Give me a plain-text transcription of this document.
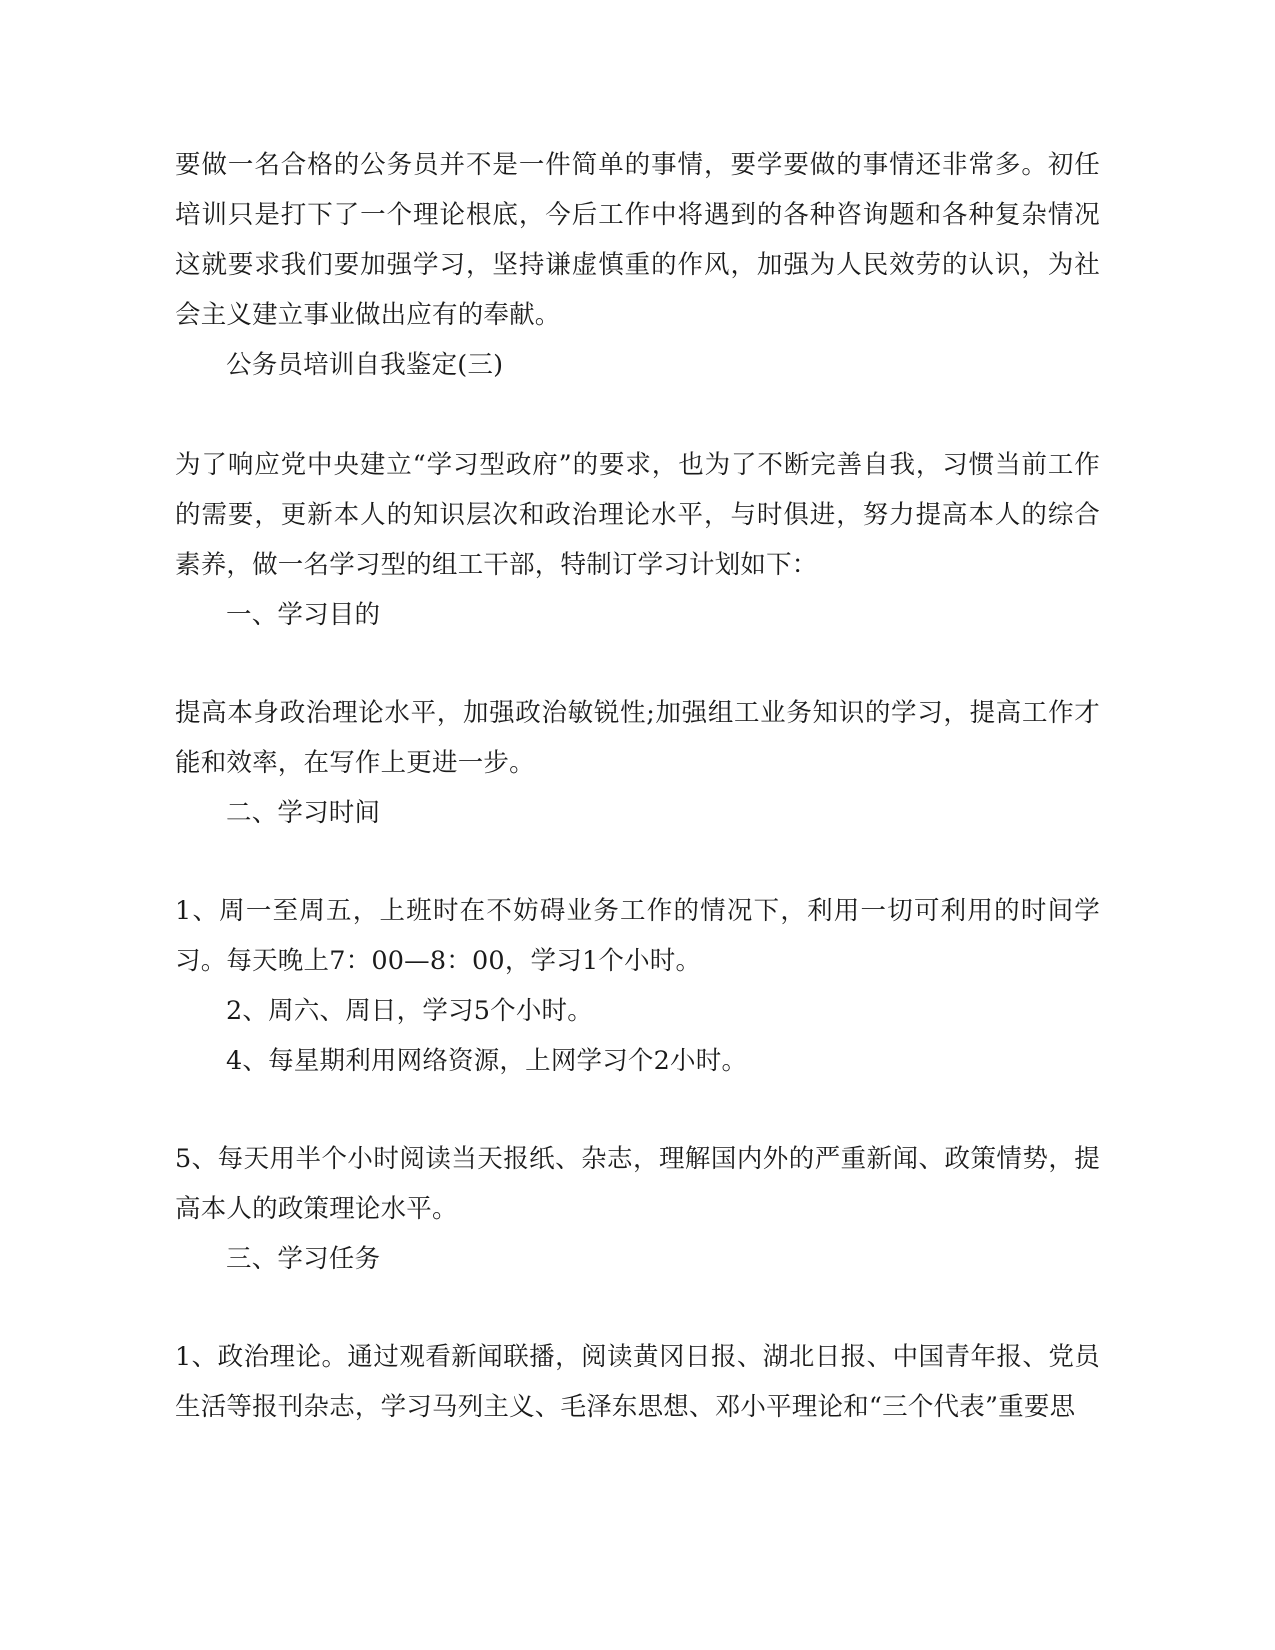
要做一名合格的公务员并不是一件简单的事情，要学要做的事情还非常多。初任培训只是打下了一个理论根底，今后工作中将遇到的各种咨询题和各种复杂情况这就要求我们要加强学习，坚持谦虚慎重的作风，加强为人民效劳的认识，为社会主义建立事业做出应有的奉献。

公务员培训自我鉴定(三)

为了响应党中央建立“学习型政府”的要求，也为了不断完善自我，习惯当前工作的需要，更新本人的知识层次和政治理论水平，与时俱进，努力提高本人的综合素养，做一名学习型的组工干部，特制订学习计划如下：

一、学习目的

提高本身政治理论水平，加强政治敏锐性;加强组工业务知识的学习，提高工作才能和效率，在写作上更进一步。

二、学习时间

1、周一至周五，上班时在不妨碍业务工作的情况下，利用一切可利用的时间学习。每天晚上7：00—8：00，学习1个小时。

2、周六、周日，学习5个小时。

4、每星期利用网络资源，上网学习个2小时。

5、每天用半个小时阅读当天报纸、杂志，理解国内外的严重新闻、政策情势，提高本人的政策理论水平。

三、学习任务

1、政治理论。通过观看新闻联播，阅读黄冈日报、湖北日报、中国青年报、党员生活等报刊杂志，学习马列主义、毛泽东思想、邓小平理论和“三个代表”重要思
